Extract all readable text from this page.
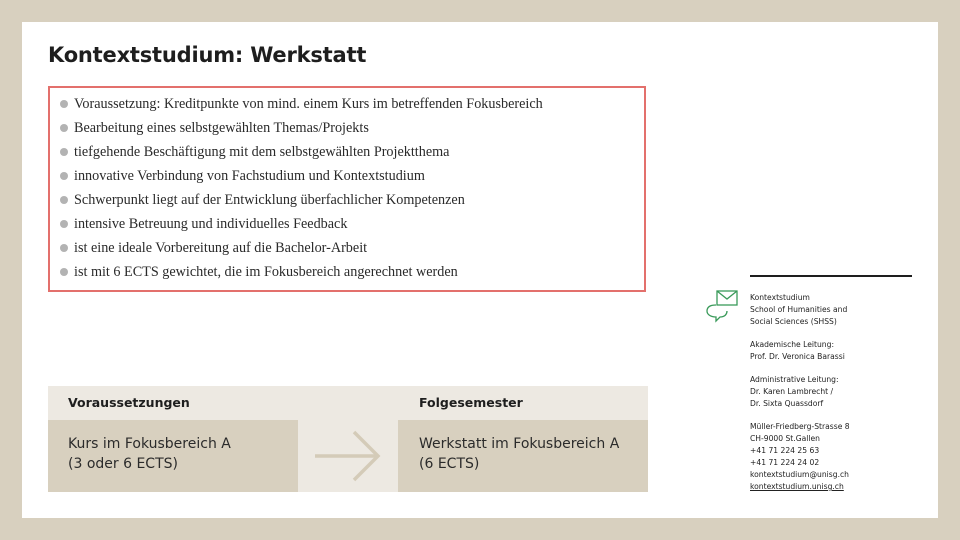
Kontextstudium: Werkstatt
Voraussetzung: Kreditpunkte von mind. einem Kurs im betreffenden Fokusbereich
Bearbeitung eines selbstgewählten Themas/Projekts
tiefgehende Beschäftigung mit dem selbstgewählten Projektthema
innovative Verbindung von Fachstudium und Kontextstudium
Schwerpunkt liegt auf der Entwicklung überfachlicher Kompetenzen
intensive Betreuung und individuelles Feedback
ist eine ideale Vorbereitung auf die Bachelor-Arbeit
ist mit 6 ECTS gewichtet, die im Fokusbereich angerechnet werden
Kontextstudium
School of Humanities and
Social Sciences (SHSS)
Akademische Leitung:
Prof. Dr. Veronica Barassi
Administrative Leitung:
Dr. Karen Lambrecht /
Dr. Sixta Quassdorf
Müller-Friedberg-Strasse 8
CH-9000 St.Gallen
+41 71 224 25 63
+41 71 224 24 02
kontextstudium@unisg.ch
kontextstudium.unisg.ch
Voraussetzungen	Folgesemester
Kurs im Fokusbereich A
(3 oder 6 ECTS)
Werkstatt im Fokusbereich A
(6 ECTS)
